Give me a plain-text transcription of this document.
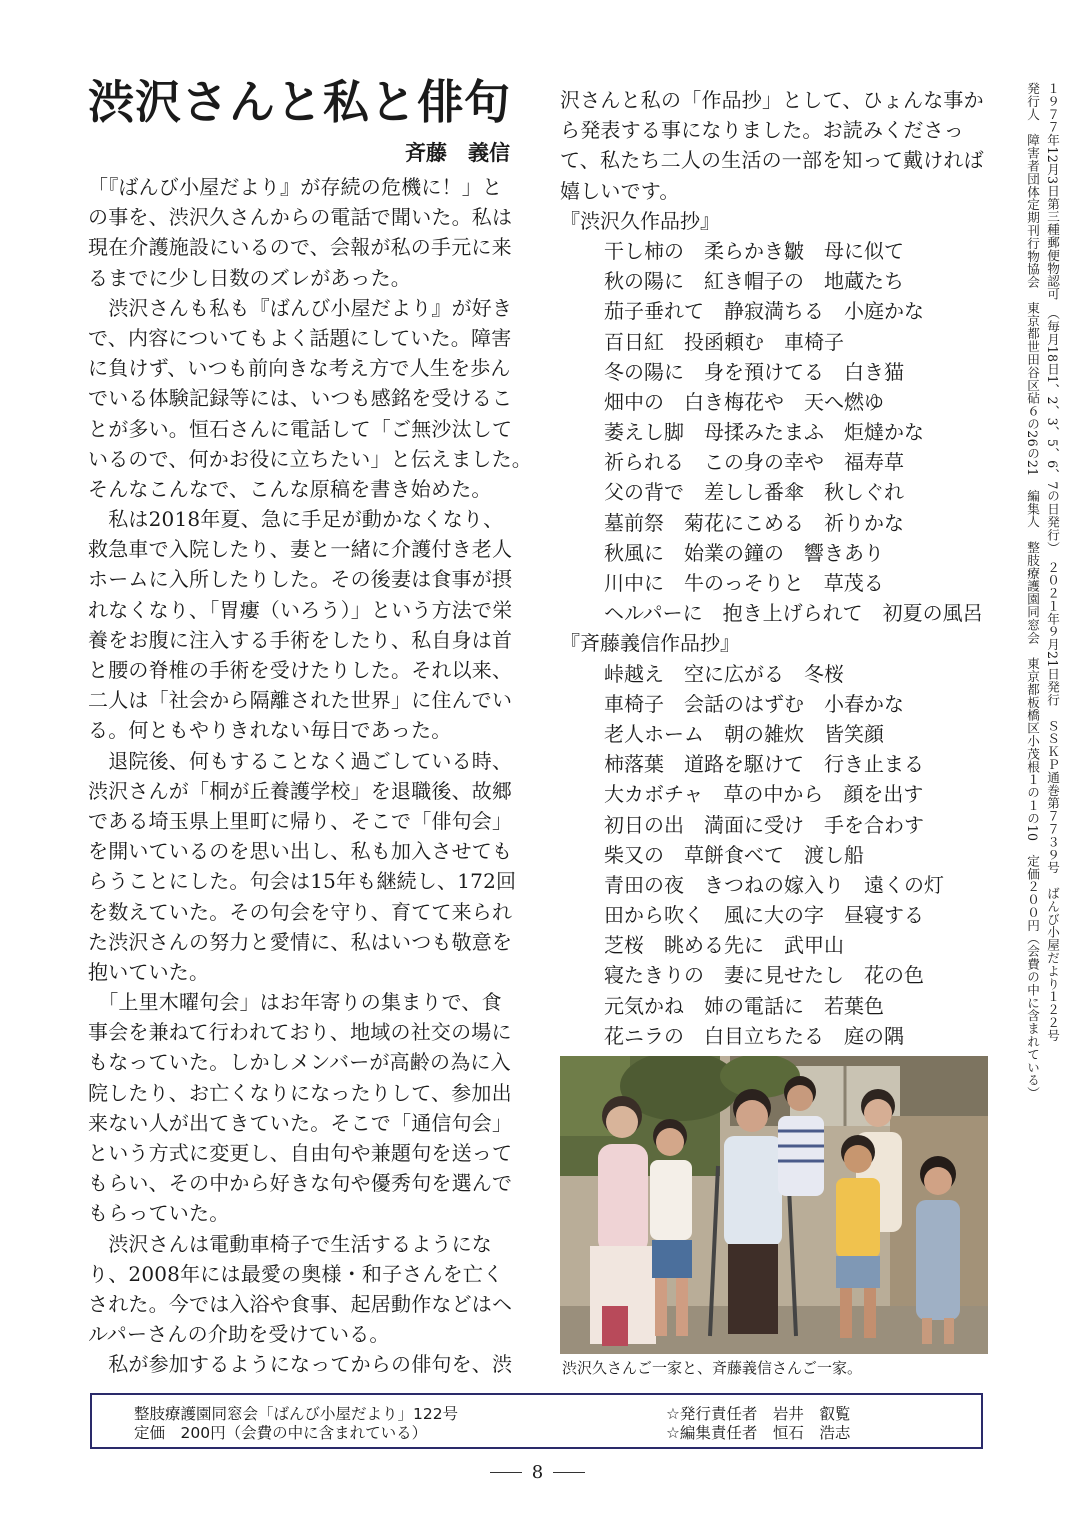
渋沢さんと私と俳句
斉藤　義信
「『ばんび小屋だより』が存続の危機に！」と
の事を、渋沢久さんからの電話で聞いた。私は
現在介護施設にいるので、会報が私の手元に来
るまでに少し日数のズレがあった。
　渋沢さんも私も『ばんび小屋だより』が好き
で、内容についてもよく話題にしていた。障害
に負けず、いつも前向きな考え方で人生を歩ん
でいる体験記録等には、いつも感銘を受けるこ
とが多い。恒石さんに電話して「ご無沙汰して
いるので、何かお役に立ちたい」と伝えました。
そんなこんなで、こんな原稿を書き始めた。
　私は2018年夏、急に手足が動かなくなり、
救急車で入院したり、妻と一緒に介護付き老人
ホームに入所したりした。その後妻は食事が摂
れなくなり、「胃瘻（いろう）」という方法で栄
養をお腹に注入する手術をしたり、私自身は首
と腰の脊椎の手術を受けたりした。それ以来、
二人は「社会から隔離された世界」に住んでい
る。何ともやりきれない毎日であった。
　退院後、何もすることなく過ごしている時、
渋沢さんが「桐が丘養護学校」を退職後、故郷
である埼玉県上里町に帰り、そこで「俳句会」
を開いているのを思い出し、私も加入させても
らうことにした。句会は15年も継続し、172回
を数えていた。その句会を守り、育てて来られ
た渋沢さんの努力と愛情に、私はいつも敬意を
抱いていた。
　「上里木曜句会」はお年寄りの集まりで、食
事会を兼ねて行われており、地域の社交の場に
もなっていた。しかしメンバーが高齢の為に入
院したり、お亡くなりになったりして、参加出
来ない人が出てきていた。そこで「通信句会」
という方式に変更し、自由句や兼題句を送って
もらい、その中から好きな句や優秀句を選んで
もらっていた。
　渋沢さんは電動車椅子で生活するようにな
り、2008年には最愛の奥様・和子さんを亡く
された。今では入浴や食事、起居動作などはヘ
ルパーさんの介助を受けている。
　私が参加するようになってからの俳句を、渋
沢さんと私の「作品抄」として、ひょんな事か
ら発表する事になりました。お読みくださっ
て、私たち二人の生活の一部を知って戴ければ
嬉しいです。
『渋沢久作品抄』
干し柿の　柔らかき皺　母に似て
秋の陽に　紅き帽子の　地蔵たち
茄子垂れて　静寂満ちる　小庭かな
百日紅　投函頼む　車椅子
冬の陽に　身を預けてる　白き猫
畑中の　白き梅花や　天へ燃ゆ
萎えし脚　母揉みたまふ　炬燵かな
祈られる　この身の幸や　福寿草
父の背で　差しし番傘　秋しぐれ
墓前祭　菊花にこめる　祈りかな
秋風に　始業の鐘の　響きあり
川中に　牛のっそりと　草茂る
ヘルパーに　抱き上げられて　初夏の風呂
『斉藤義信作品抄』
峠越え　空に広がる　冬桜
車椅子　会話のはずむ　小春かな
老人ホーム　朝の雑炊　皆笑顔
柿落葉　道路を駆けて　行き止まる
大カボチャ　草の中から　顔を出す
初日の出　満面に受け　手を合わす
柴又の　草餅食べて　渡し船
青田の夜　きつねの嫁入り　遠くの灯
田から吹く　風に大の字　昼寝する
芝桜　眺める先に　武甲山
寝たきりの　妻に見せたし　花の色
元気かね　姉の電話に　若葉色
花ニラの　白目立ちたる　庭の隅
渋沢久さんご一家と、斉藤義信さんご一家。
１９７７年12月3日第三種郵便物認可　（毎月18日1、2、3、5、6、7の日発行）　２０２１年９月21日発行　ＳＳＫＰ通巻第７７３９号　ばんび小屋だより１２２号
発行人　障害者団体定期刊行物協会　東京都世田谷区砧６の26の21　編集人　整肢療護園同窓会　東京都板橋区小茂根１の１の10　定価２００円（会費の中に含まれている）
整肢療護園同窓会「ばんび小屋だより」122号
定価　200円（会費の中に含まれている）
☆発行責任者　岩井　叡覧
☆編集責任者　恒石　浩志
8
